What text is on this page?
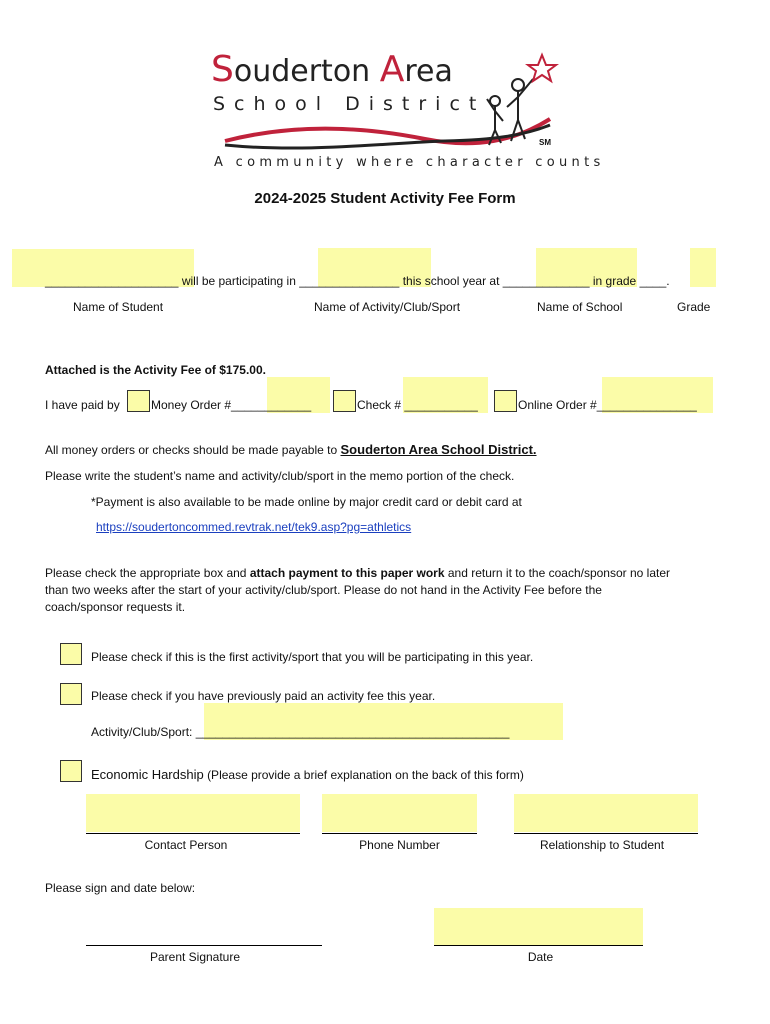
Souderton Area
School District
SM
A community where character counts
2024-2025 Student Activity Fee Form
____________________ will be participating in _______________ this school year at _____________ in grade ____.
Name of Student	Name of Activity/Club/Sport	Name of School	Grade
Attached is the Activity Fee of $175.00.
I have paid by	Money Order #____________	Check # ___________	Online Order #_______________
All money orders or checks should be made payable to Souderton Area School District.
Please write the student’s name and activity/club/sport in the memo portion of the check.
*Payment is also available to be made online by major credit card or debit card at
https://soudertoncommed.revtrak.net/tek9.asp?pg=athletics
Please check the appropriate box and attach payment to this paper work and return it to the coach/sponsor no later
than two weeks after the start of your activity/club/sport. Please do not hand in the Activity Fee before the
coach/sponsor requests it.
Please check if this is the first activity/sport that you will be participating in this year.
Please check if you have previously paid an activity fee this year.
Activity/Club/Sport: _______________________________________________
Economic Hardship (Please provide a brief explanation on the back of this form)
Contact Person	Phone Number	Relationship to Student
Please sign and date below:
Parent Signature	Date
